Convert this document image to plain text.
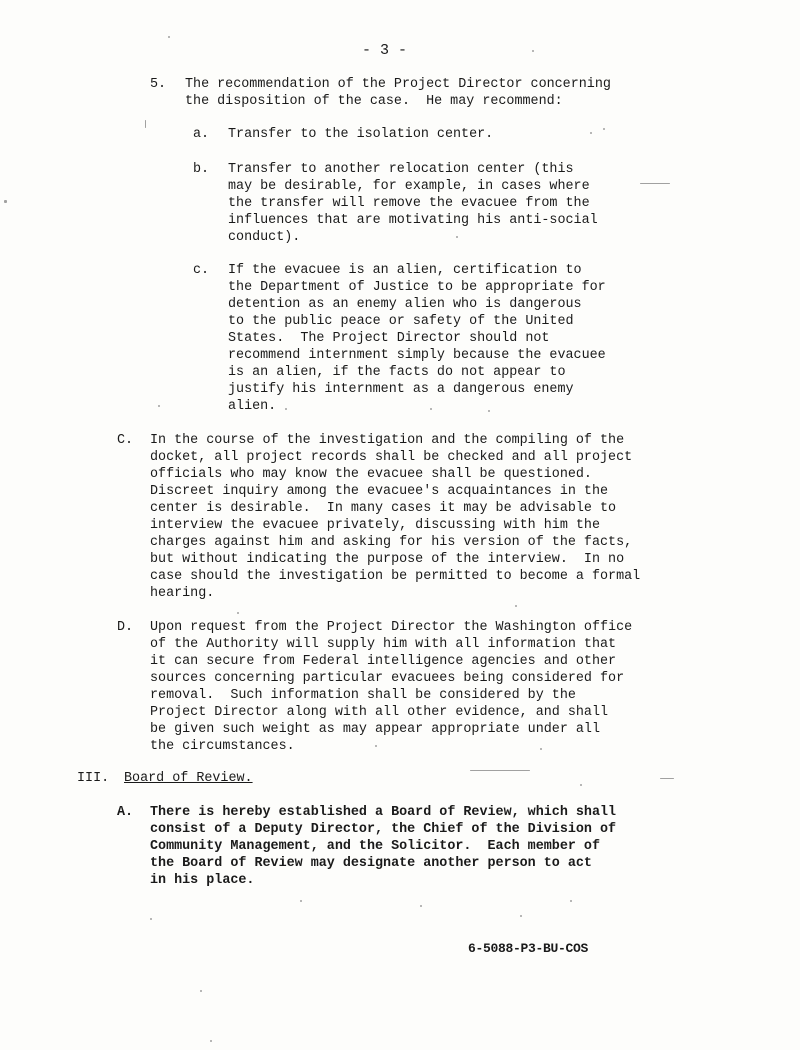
- 3 -
5. The recommendation of the Project Director concerning
the disposition of the case.  He may recommend:
a. Transfer to the isolation center.
b. Transfer to another relocation center (this
may be desirable, for example, in cases where
the transfer will remove the evacuee from the
influences that are motivating his anti-social
conduct).
c. If the evacuee is an alien, certification to
the Department of Justice to be appropriate for
detention as an enemy alien who is dangerous
to the public peace or safety of the United
States.  The Project Director should not
recommend internment simply because the evacuee
is an alien, if the facts do not appear to
justify his internment as a dangerous enemy
alien.
C. In the course of the investigation and the compiling of the
docket, all project records shall be checked and all project
officials who may know the evacuee shall be questioned.
Discreet inquiry among the evacuee's acquaintances in the
center is desirable.  In many cases it may be advisable to
interview the evacuee privately, discussing with him the
charges against him and asking for his version of the facts,
but without indicating the purpose of the interview.  In no
case should the investigation be permitted to become a formal
hearing.
D. Upon request from the Project Director the Washington office
of the Authority will supply him with all information that
it can secure from Federal intelligence agencies and other
sources concerning particular evacuees being considered for
removal.  Such information shall be considered by the
Project Director along with all other evidence, and shall
be given such weight as may appear appropriate under all
the circumstances.
III. Board of Review.
A. There is hereby established a Board of Review, which shall
consist of a Deputy Director, the Chief of the Division of
Community Management, and the Solicitor.  Each member of
the Board of Review may designate another person to act
in his place.
6-5088-P3-BU-COS
